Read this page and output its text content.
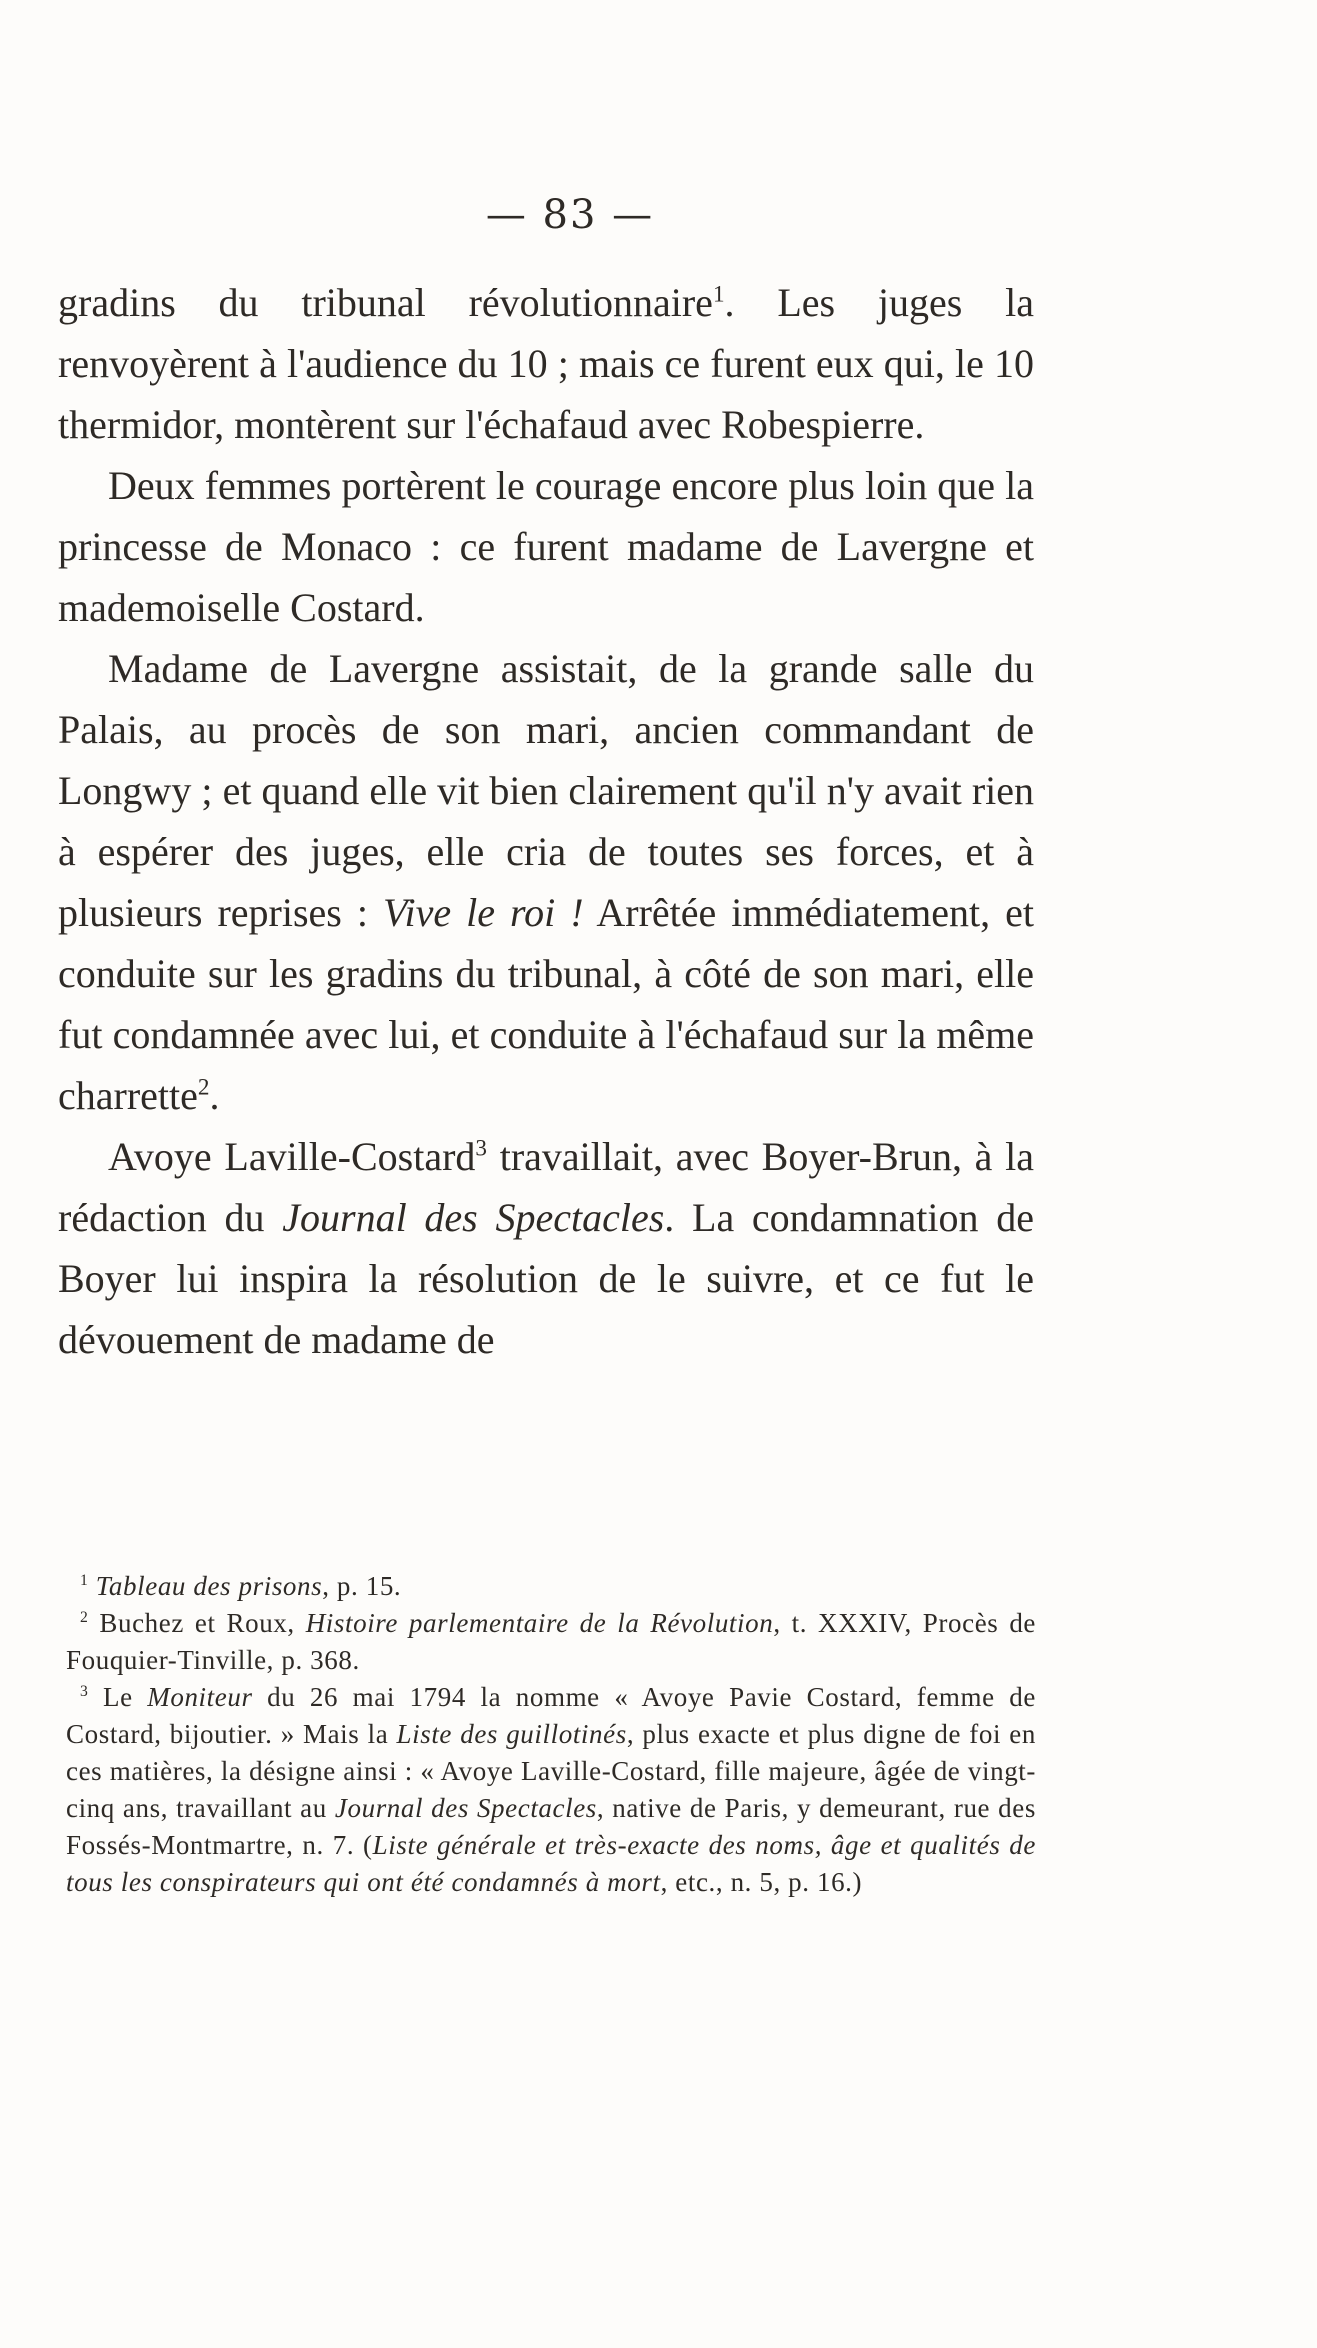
— 83 —

gradins du tribunal révolutionnaire$^1$. Les juges la renvoyèrent à l'audience du 10 ; mais ce furent eux qui, le 10 thermidor, montèrent sur l'échafaud avec Robespierre.

Deux femmes portèrent le courage encore plus loin que la princesse de Monaco : ce furent madame de Lavergne et mademoiselle Costard.

Madame de Lavergne assistait, de la grande salle du Palais, au procès de son mari, ancien commandant de Longwy ; et quand elle vit bien clairement qu'il n'y avait rien à espérer des juges, elle cria de toutes ses forces, et à plusieurs reprises : Vive le roi ! Arrêtée immédiatement, et conduite sur les gradins du tribunal, à côté de son mari, elle fut condamnée avec lui, et conduite à l'échafaud sur la même charrette$^2$.

Avoye Laville-Costard$^3$ travaillait, avec Boyer-Brun, à la rédaction du Journal des Spectacles. La condamnation de Boyer lui inspira la résolution de le suivre, et ce fut le dévouement de madame de

$^1$ Tableau des prisons, p. 15.

$^2$ Buchez et Roux, Histoire parlementaire de la Révolution, t. XXXIV, Procès de Fouquier-Tinville, p. 368.

$^3$ Le Moniteur du 26 mai 1794 la nomme « Avoye Pavie Costard, femme de Costard, bijoutier. » Mais la Liste des guillotinés, plus exacte et plus digne de foi en ces matières, la désigne ainsi : « Avoye Laville-Costard, fille majeure, âgée de vingt-cinq ans, travaillant au Journal des Spectacles, native de Paris, y demeurant, rue des Fossés-Montmartre, n. 7. (Liste générale et très-exacte des noms, âge et qualités de tous les conspirateurs qui ont été condamnés à mort, etc., n. 5, p. 16.)
